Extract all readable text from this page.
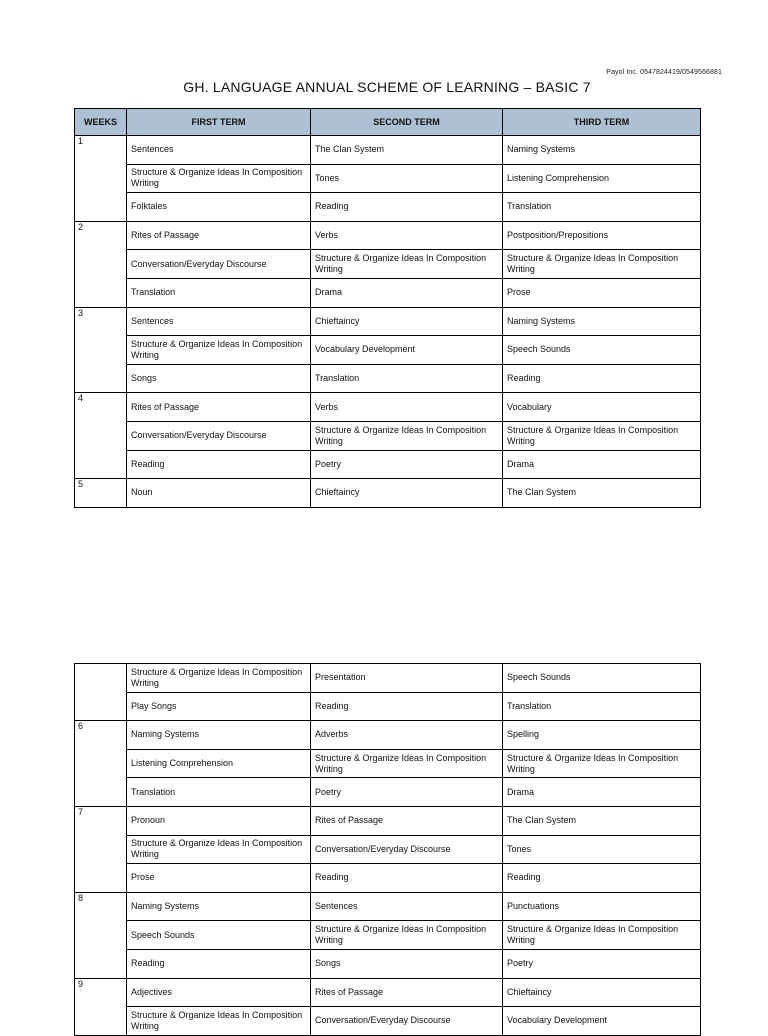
Payol Inc. 0547824419/0549566881
GH. LANGUAGE ANNUAL SCHEME OF LEARNING – BASIC 7
WEEKS	FIRST TERM	SECOND TERM	THIRD TERM
1	Sentences	The Clan System	Naming Systems
	Structure & Organize Ideas In Composition Writing	Tones	Listening Comprehension
	Folktales	Reading	Translation
2	Rites of Passage	Verbs	Postposition/Prepositions
	Conversation/Everyday Discourse	Structure & Organize Ideas In Composition Writing	Structure & Organize Ideas In Composition Writing
	Translation	Drama	Prose
3	Sentences	Chieftaincy	Naming Systems
	Structure & Organize Ideas In Composition Writing	Vocabulary Development	Speech Sounds
	Songs	Translation	Reading
4	Rites of Passage	Verbs	Vocabulary
	Conversation/Everyday Discourse	Structure & Organize Ideas In Composition Writing	Structure & Organize Ideas In Composition Writing
	Reading	Poetry	Drama
5	Noun	Chieftaincy	The Clan System
	Structure & Organize Ideas In Composition Writing	Presentation	Speech Sounds
	Play Songs	Reading	Translation
6	Naming Systems	Adverbs	Spelling
	Listening Comprehension	Structure & Organize Ideas In Composition Writing	Structure & Organize Ideas In Composition Writing
	Translation	Poetry	Drama
7	Pronoun	Rites of Passage	The Clan System
	Structure & Organize Ideas In Composition Writing	Conversation/Everyday Discourse	Tones
	Prose	Reading	Reading
8	Naming Systems	Sentences	Punctuations
	Speech Sounds	Structure & Organize Ideas In Composition Writing	Structure & Organize Ideas In Composition Writing
	Reading	Songs	Poetry
9	Adjectives	Rites of Passage	Chieftaincy
	Structure & Organize Ideas In Composition Writing	Conversation/Everyday Discourse	Vocabulary Development
